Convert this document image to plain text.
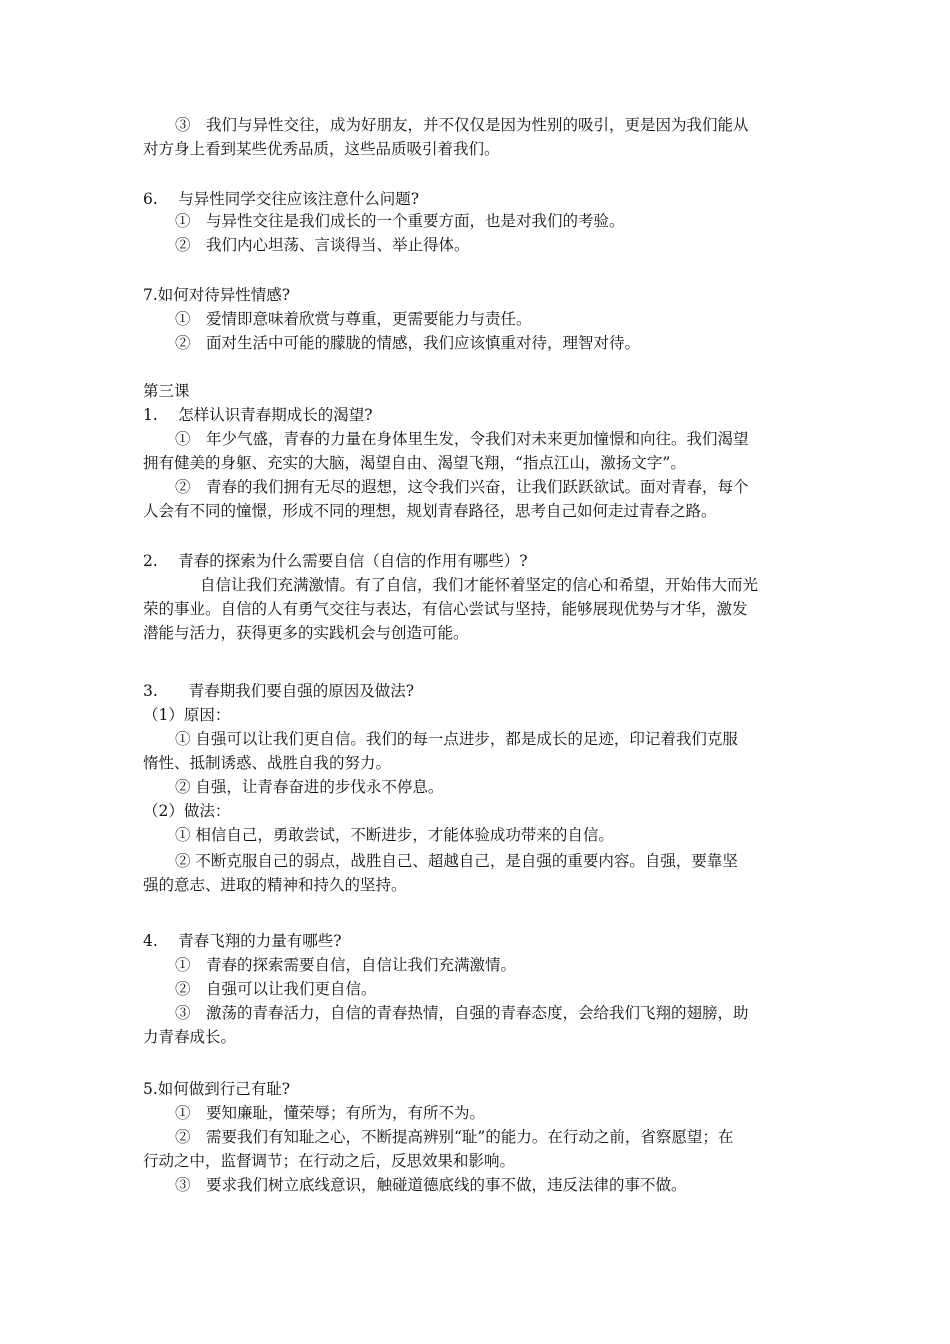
③　我们与异性交往，成为好朋友，并不仅仅是因为性别的吸引，更是因为我们能从
对方身上看到某些优秀品质，这些品质吸引着我们。
6.　 与异性同学交往应该注意什么问题?
①　与异性交往是我们成长的一个重要方面，也是对我们的考验。
②　我们内心坦荡、言谈得当、举止得体。
7.如何对待异性情感?
①　爱情即意味着欣赏与尊重，更需要能力与责任。
②　面对生活中可能的朦胧的情感，我们应该慎重对待，理智对待。
第三课
1.　 怎样认识青春期成长的渴望?
①　年少气盛，青春的力量在身体里生发，令我们对未来更加憧憬和向往。我们渴望
拥有健美的身躯、充实的大脑，渴望自由、渴望飞翔，“指点江山，激扬文字”。
②　青春的我们拥有无尽的遐想，这令我们兴奋，让我们跃跃欲试。面对青春，每个
人会有不同的憧憬，形成不同的理想，规划青春路径，思考自己如何走过青春之路。
2.　 青春的探索为什么需要自信（自信的作用有哪些）?
自信让我们充满激情。有了自信，我们才能怀着坚定的信心和希望，开始伟大而光
荣的事业。自信的人有勇气交往与表达，有信心尝试与坚持，能够展现优势与才华，激发
潜能与活力，获得更多的实践机会与创造可能。
3.　　青春期我们要自强的原因及做法?
（1）原因：
① 自强可以让我们更自信。我们的每一点进步，都是成长的足迹，印记着我们克服
惰性、抵制诱惑、战胜自我的努力。
② 自强，让青春奋进的步伐永不停息。
（2）做法：
① 相信自己，勇敢尝试，不断进步，才能体验成功带来的自信。
② 不断克服自己的弱点，战胜自己、超越自己，是自强的重要内容。自强，要靠坚
强的意志、进取的精神和持久的坚持。
4.　 青春飞翔的力量有哪些?
①　青春的探索需要自信，自信让我们充满激情。
②　自强可以让我们更自信。
③　激荡的青春活力，自信的青春热情，自强的青春态度，会给我们飞翔的翅膀，助
力青春成长。
5.如何做到行己有耻?
①　要知廉耻，懂荣辱；有所为，有所不为。
②　需要我们有知耻之心，不断提高辨别“耻”的能力。在行动之前，省察愿望；在
行动之中，监督调节；在行动之后，反思效果和影响。
③　要求我们树立底线意识，触碰道德底线的事不做，违反法律的事不做。
